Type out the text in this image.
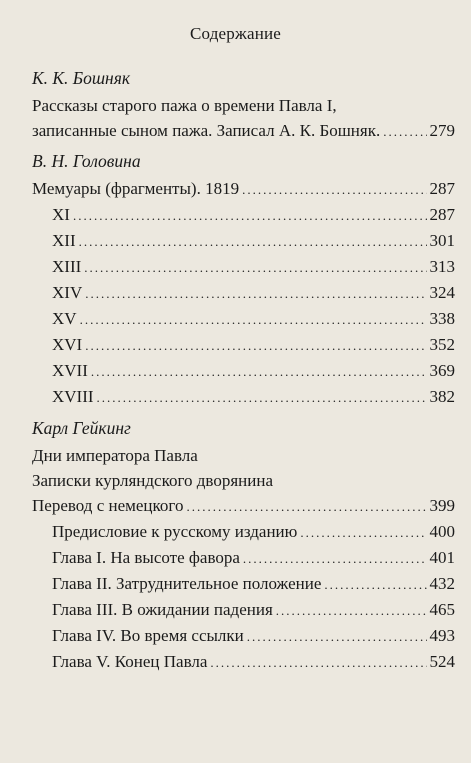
Содержание
К. К. Бошняк
Рассказы старого пажа о времени Павла I,
записанные сыном пажа. Записал А. К. Бошняк. .....	279
В. Н. Головина
Мемуары (фрагменты). 1819 .....	287
XI .....	287
XII .....	301
XIII .....	313
XIV .....	324
XV .....	338
XVI .....	352
XVII .....	369
XVIII .....	382
Карл Гейкинг
Дни императора Павла
Записки курляндского дворянина
Перевод с немецкого .....	399
Предисловие к русскому изданию .....	400
Глава I. На высоте фавора .....	401
Глава II. Затруднительное положение .....	432
Глава III. В ожидании падения .....	465
Глава IV. Во время ссылки .....	493
Глава V. Конец Павла .....	524
